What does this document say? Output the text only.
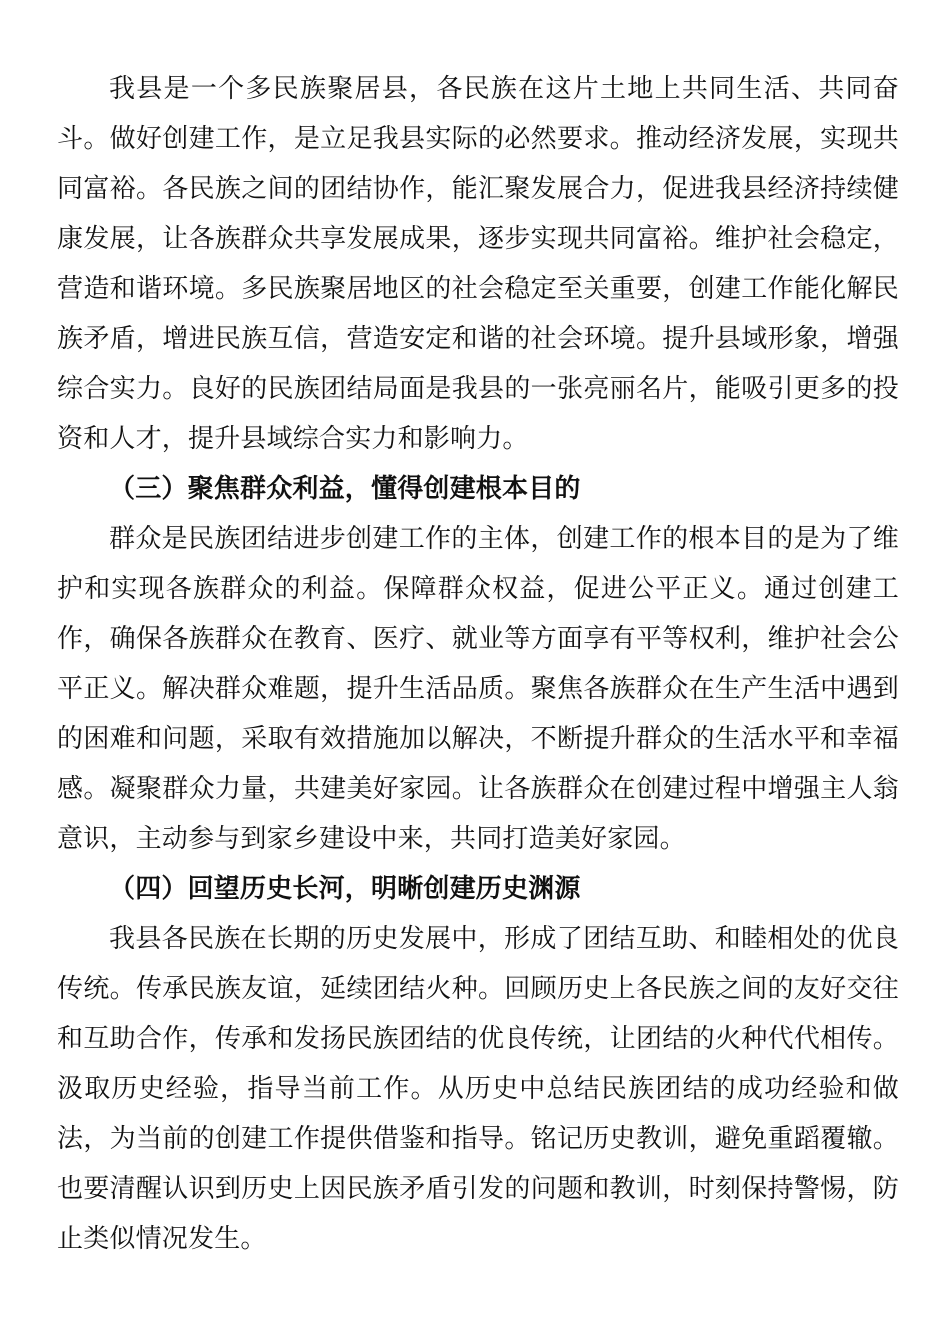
我县是一个多民族聚居县，各民族在这片土地上共同生活、共同奋斗。做好创建工作，是立足我县实际的必然要求。推动经济发展，实现共同富裕。各民族之间的团结协作，能汇聚发展合力，促进我县经济持续健康发展，让各族群众共享发展成果，逐步实现共同富裕。维护社会稳定，营造和谐环境。多民族聚居地区的社会稳定至关重要，创建工作能化解民族矛盾，增进民族互信，营造安定和谐的社会环境。提升县域形象，增强综合实力。良好的民族团结局面是我县的一张亮丽名片，能吸引更多的投资和人才，提升县域综合实力和影响力。

（三）聚焦群众利益，懂得创建根本目的

群众是民族团结进步创建工作的主体，创建工作的根本目的是为了维护和实现各族群众的利益。保障群众权益，促进公平正义。通过创建工作，确保各族群众在教育、医疗、就业等方面享有平等权利，维护社会公平正义。解决群众难题，提升生活品质。聚焦各族群众在生产生活中遇到的困难和问题，采取有效措施加以解决，不断提升群众的生活水平和幸福感。凝聚群众力量，共建美好家园。让各族群众在创建过程中增强主人翁意识，主动参与到家乡建设中来，共同打造美好家园。

（四）回望历史长河，明晰创建历史渊源

我县各民族在长期的历史发展中，形成了团结互助、和睦相处的优良传统。传承民族友谊，延续团结火种。回顾历史上各民族之间的友好交往和互助合作，传承和发扬民族团结的优良传统，让团结的火种代代相传。汲取历史经验，指导当前工作。从历史中总结民族团结的成功经验和做法，为当前的创建工作提供借鉴和指导。铭记历史教训，避免重蹈覆辙。也要清醒认识到历史上因民族矛盾引发的问题和教训，时刻保持警惕，防止类似情况发生。
